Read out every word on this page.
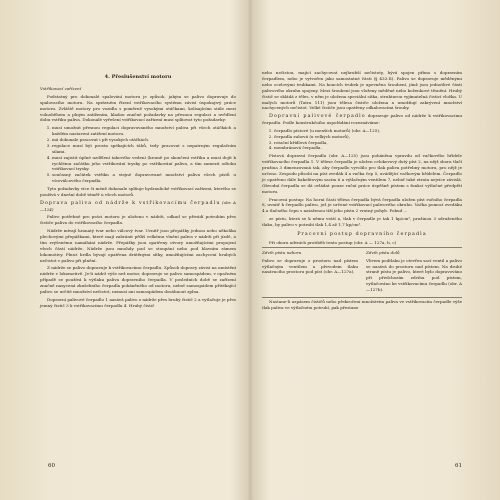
4. Přeslušenství motoru
Vstřikovací zařízení

Podstatný pro dokonalé spalování motoru je způsob, jakým se palivo dopravuje do spalovacího motoru. Na správném řízení vstřikovacího systému závisí úspokojivý práce motoru. Zvláště motory pro vozidla s poměrně vysokými otáčkami, kolisajícími stále mezi volnoběhem a plným zatížením, kladou značné požadavky na přesnou regulaci a uvědlení dobu vstřiku paliva. Dokonalé vyřešení vstřikovací zařízení musí splňovat tyto požadavky:

1. musí umožnit přesnou regulaci dopravovaného množství paliva při všech otáčkách a každém nastavení zatížení motoru.
2. má dokonale pracovat i při vysokých otáčkách.
3. regulace musí být prosta spékajících táhů, tedy pracovat s nepatrným regulačním silami.
4. musí zajistit úplné uzdělení takového vedení (kromě po skončení vstřiku a musí dojít k rychlému začátku jeho vstřikování trysky po vstřikování paliva, a tím zamezit odtoku vstřikovací trysky.
5. současný začátek vstřiku a stejné dopravované množství paliva všech pístů u víceválcového čerpadla.

Tyto požadavky více či méně dokonale splňuje hydraulické vstřikovací zařízení, kterého se používá v dnešní době téměř u všech motorů.

Doprava paliva od nádrže k vstřikovacímu čerpadlu (obr. A—124)

Palivo potřebné pro práci motoru je uloženo v nádrži, odkud se přivádí potrubím přes čističe paliva do vstřikovacího čerpadla.

Nádrže mívají hranatý tvar nebo válcový tvar. Uvnitř jsou přepážky jednou nebo několika plechovými přepážkami, které mají zabránit příliš velkému vlnění paliva v nádrži při jízdě, a tím zvýšenému namáhání nádrže. Přepážky jsou opatřeny otvory umožňujícími propojení všech částí nádrže. Nádrže jsou mnohdy pod se stoupání nebo pod hlavním rámem lokomotivy. Plnicí hrdla bývají opatřena drátěnými sítky, umožňujícími zachycení hrubých nečistot v palivu při plnění.

Z nádrže se palivo dopravuje k vstřikovacímu čerpadlu. Způsob dopravy závisí na umístění nádrže v lokomotivě. Je-li nádrž výše než motor, dopravuje se palivo samospádem, v opačném případě se používá k výtlaku paliva dopravního čerpadla. V posledních době se zařízení značně nasycená zkušebního čerpadla poháněného od motoru, neboť samospádem přitékající palivo se určité množství nečistot, nemusí ani samospádem dosáhnout zplna.

Dopravní palivové čerpadlo 1 nasává palivo z nádrže přes hrubý čistič 2 a vytlačuje je přes jemný čistič 3 k vstřikovacímu čerpadlu 4. Hrubý čistič

60

nebo nečistou, mající zachycovat nejhrubší nečistoty, bývá spojen přímo s dopravním čerpadlem, nebo je vytvořen jako samostatné části (§ 433.II). Palivo se dopravuje měděnými nebo ocelovými trubkami. Na koncích trubek je upevněno šroubení, jímž jsou jednotlivé části palivového okruhu spojeny. Mezi šroubení jsou vloženy měděné nebo koženkové těsnění. Hrubý čistič se skládá z těles, v něm je uložena speciální sítka, strukturou vyjímatelná čisticí vložka. U malých motorů (Tatra 111) jsou tělesa čističe uložena a umožňují zakrývení množství nachycených nečistot. Velké čističe jsou opatřeny odkalovacími šrouby.

Dopravní palivové čerpadlo dopravuje palivo od nádrže k vstřikovacímu čerpadlu. Podle konstrukčního uspořádání rozeznáváme:

1. čerpadlo pístové (u menších motorů) (obr. A—125),
2. čerpadla zubová (u velkých motorů),
3. rotační křídlová čerpadla,
4. membránová čerpadla.

Pístová dopravní čerpadla (obr. A—125) jsou poháněna vpravdu od vačkového hřídele vstřikovacího čerpadla 1. V tělese čerpadla je uložen celokovový dutý píst 2, na nějž shora tlačí pružina 3 dimenzovaná tak, aby čerpadlo vyvolilo pro tlak paliva potřebný motoru, pro nějž je určeno. Zespodu působí na píst zvedák 4 a vačka čep 5, uvádějící vačkovým hřídelem. Čerpadlo je opatřeno dále bakelitovým sacím 6 a výtlačným ventilem 7, neboť také ztrata nejvíce závislá. Obvodní čerpadla se dá ovládat pouze ruční práce úspěšně pístem s funkcí výtlačné předpětí motoru.

Pracovní postup: Na horní části tělesa čerpadla bývá čerpadla uložen píst ručního čerpadla 8, uvnitř k čerpadlo palivu, jež je určené vstřikovací palivového okruhu. Vačka pomocí zvedáku 4 a tlačného čepu s nataženou tíží jeho pístu 2 vratný pohyb. Pokud ...

ze pístu, která se k němu vrátí a, tlak v čerpadle je tak 1 kp/cm², pružinou 3 sdruženého tlaku, by palivo v potrubí tlak 1,4 až 1,7 kp/cm².

Pracovní postup dopravního čerpadla

Při oboru advních protiběh tento postup (obr. A — 127a, b, c)

Zdvih pístu nahoru

Palivo se dopravuje z prostoru nad pístem výtlačným ventilem a převodem tlaku nasávacího prostoru pod píst (obr. A—127a).

Zdvih pístu dolů

Vlivem podtlaku je otevřen sací ventil a palivo se nasává do prostoru nad pístem. Na druhé straně pístu je palivo, které bylo dopravováno při předchozím zdvihu pod pístem, vytlačováno ke vstřikovacímu čerpadlu (obr. A—127b).

Nastane-li uzpásem čističů nebo překročení množstvím paliva ve vstřikovacím čerpadle výše tlak paliva ve výtlačném potrubí, pak přestane

61
